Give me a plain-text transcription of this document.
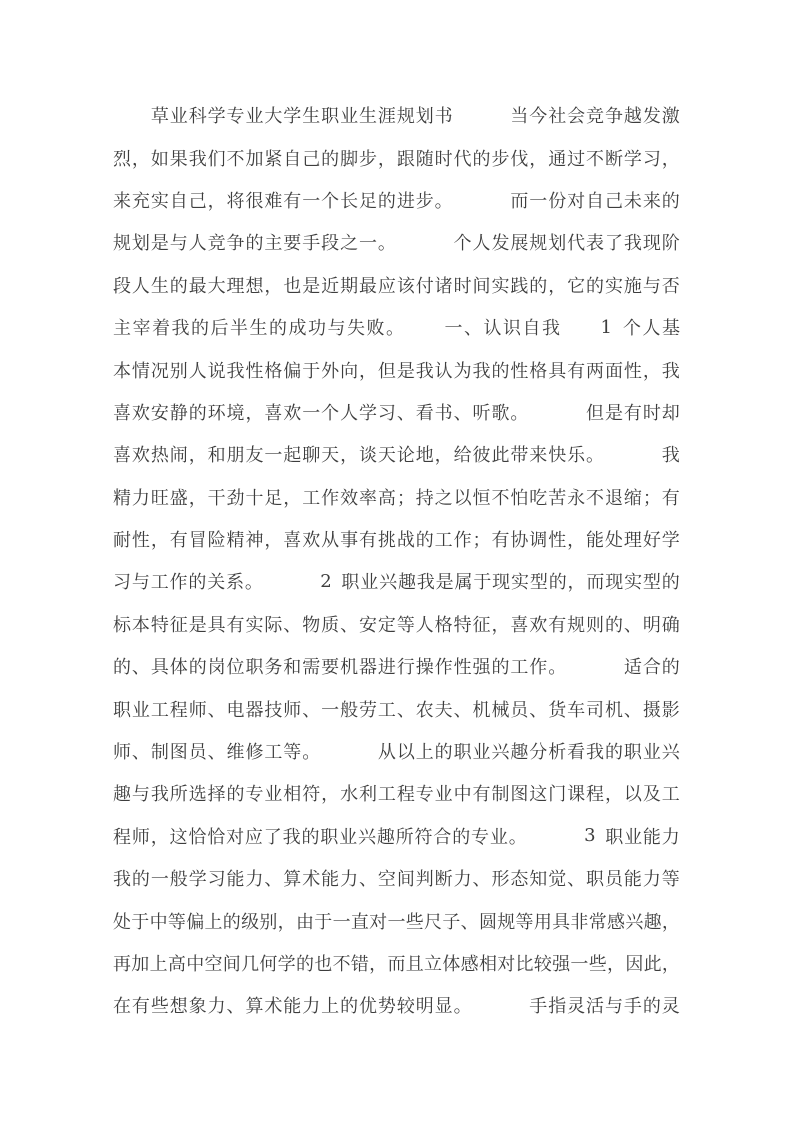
草 业 科 学 专 业 大 学 生 职 业 生 涯 规 划 书	当 今 社 会 竞 争 越 发 激
烈 ， 如 果 我 们 不 加 紧 自 己 的 脚 步 ， 跟 随 时 代 的 步 伐 ， 通 过 不 断 学 习 ，
来 充 实 自 己 ， 将 很 难 有 一 个 长 足 的 进 步 。	而 一 份 对 自 己 未 来 的
规 划 是 与 人 竞 争 的 主 要 手 段 之 一 。	个 人 发 展 规 划 代 表 了 我 现 阶
段 人 生 的 最 大 理 想 ， 也 是 近 期 最 应 该 付 诸 时 间 实 践 的 ， 它 的 实 施 与 否
主 宰 着 我 的 后 半 生 的 成 功 与 失 败 。 一 、 认 识 自 我 1 个 人 基
本 情 况 别 人 说 我 性 格 偏 于 外 向 ， 但 是 我 认 为 我 的 性 格 具 有 两 面 性 ， 我
喜 欢 安 静 的 环 境 ， 喜 欢 一 个 人 学 习 、 看 书 、 听 歌 。	但 是 有 时 却
喜 欢 热 闹 ， 和 朋 友 一 起 聊 天 ， 谈 天 论 地 ， 给 彼 此 带 来 快 乐 。	我
精 力 旺 盛 ， 干 劲 十 足 ， 工 作 效 率 高 ； 持 之 以 恒 不 怕 吃 苦 永 不 退 缩 ； 有
耐 性 ， 有 冒 险 精 神 ， 喜 欢 从 事 有 挑 战 的 工 作 ； 有 协 调 性 ， 能 处 理 好 学
习 与 工 作 的 关 系 。	2 职 业 兴 趣 我 是 属 于 现 实 型 的 ， 而 现 实 型 的
标 本 特 征 是 具 有 实 际 、 物 质 、 安 定 等 人 格 特 征 ， 喜 欢 有 规 则 的 、 明 确
的 、 具 体 的 岗 位 职 务 和 需 要 机 器 进 行 操 作 性 强 的 工 作 。	适 合 的
职 业 工 程 师 、 电 器 技 师 、 一 般 劳 工 、 农 夫 、 机 械 员 、 货 车 司 机 、 摄 影
师 、 制 图 员 、 维 修 工 等 。	从 以 上 的 职 业 兴 趣 分 析 看 我 的 职 业 兴
趣 与 我 所 选 择 的 专 业 相 符 ， 水 利 工 程 专 业 中 有 制 图 这 门 课 程 ， 以 及 工
程 师 ， 这 恰 恰 对 应 了 我 的 职 业 兴 趣 所 符 合 的 专 业 。	3 职 业 能 力
我 的 一 般 学 习 能 力 、 算 术 能 力 、 空 间 判 断 力 、 形 态 知 觉 、 职 员 能 力 等
处 于 中 等 偏 上 的 级 别 ， 由 于 一 直 对 一 些 尺 子 、 圆 规 等 用 具 非 常 感 兴 趣 ，
再 加 上 高 中 空 间 几 何 学 的 也 不 错 ， 而 且 立 体 感 相 对 比 较 强 一 些 ， 因 此 ，
在 有 些 想 象 力 、 算 术 能 力 上 的 优 势 较 明 显 。	手 指 灵 活 与 手 的 灵
